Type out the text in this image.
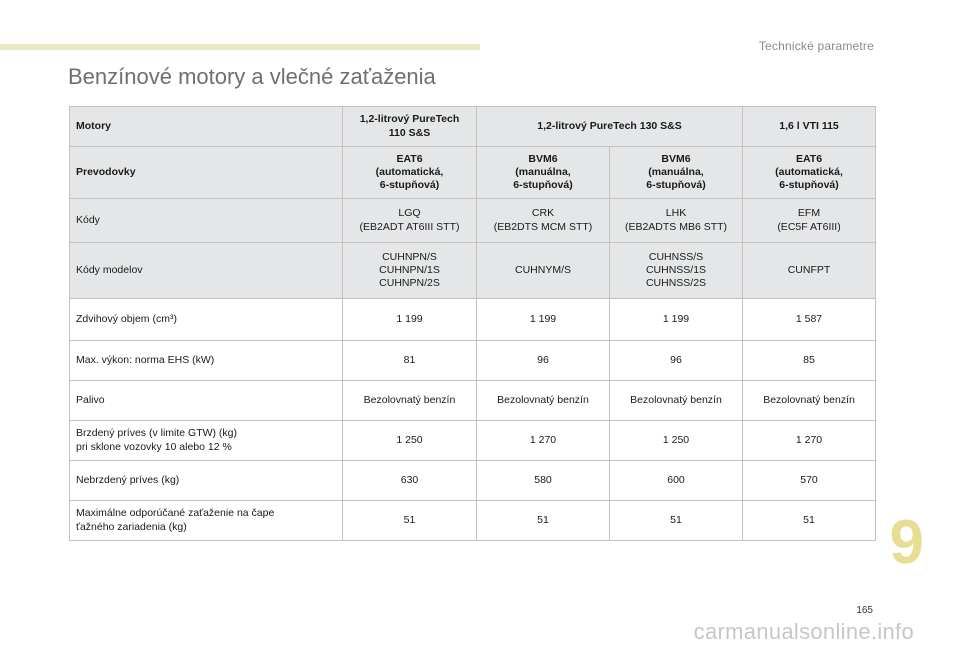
Technické parametre
Benzínové motory a vlečné zaťaženia
Motory	1,2-litrový PureTech
110 S&S	1,2-litrový PureTech 130 S&S		1,6 l VTI 115
Prevodovky	EAT6
(automatická,
6-stupňová)	BVM6
(manuálna,
6-stupňová)	BVM6
(manuálna,
6-stupňová)	EAT6
(automatická,
6-stupňová)
Kódy	LGQ
(EB2ADT AT6III STT)	CRK
(EB2DTS MCM STT)	LHK
(EB2ADTS MB6 STT)	EFM
(EC5F AT6III)
Kódy modelov	CUHNPN/S
CUHNPN/1S
CUHNPN/2S	CUHNYM/S	CUHNSS/S
CUHNSS/1S
CUHNSS/2S	CUNFPT
Zdvihový objem (cm³)	1 199	1 199	1 199	1 587
Max. výkon: norma EHS (kW)	81	96	96	85
Palivo	Bezolovnatý benzín	Bezolovnatý benzín	Bezolovnatý benzín	Bezolovnatý benzín
Brzdený príves (v limite GTW) (kg)
pri sklone vozovky 10 alebo 12 %	1 250	1 270	1 250	1 270
Nebrzdený príves (kg)	630	580	600	570
Maximálne odporúčané zaťaženie na čape
ťažného zariadenia (kg)	51	51	51	51 9
165
carmanualsonline.info
